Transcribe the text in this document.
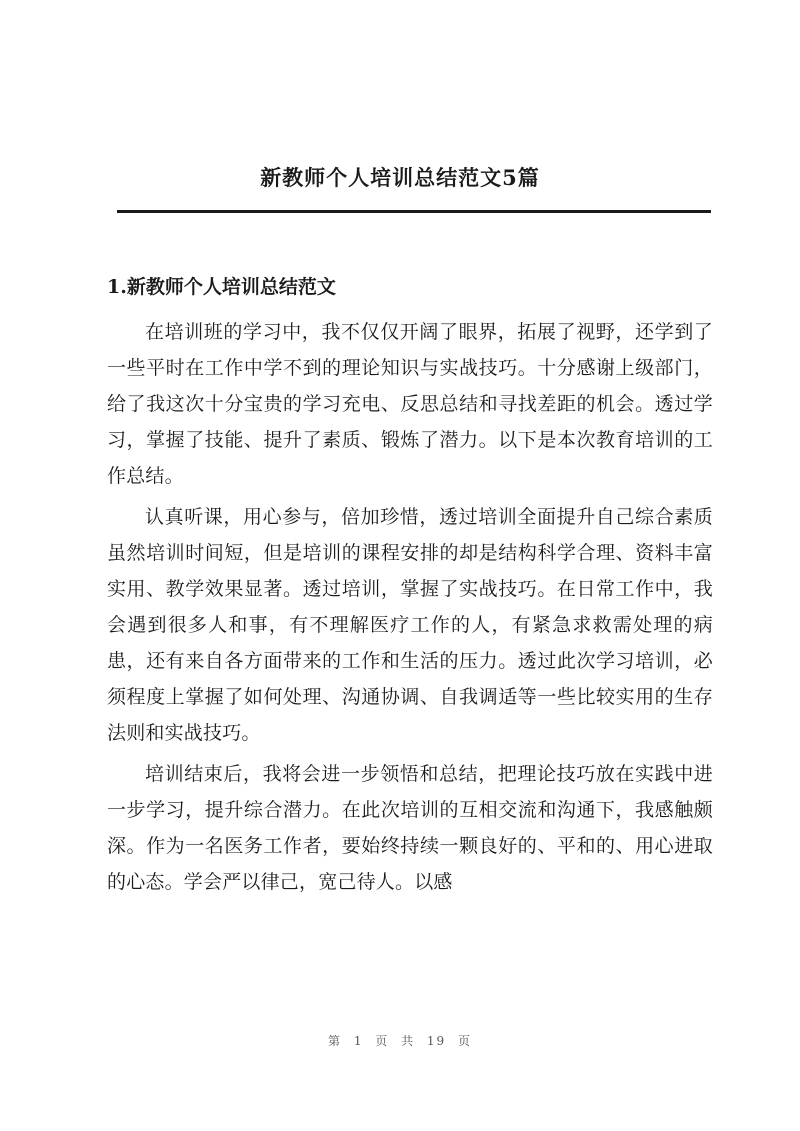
新教师个人培训总结范文5篇
1.新教师个人培训总结范文

在培训班的学习中，我不仅仅开阔了眼界，拓展了视野，还学到了一些平时在工作中学不到的理论知识与实战技巧。十分感谢上级部门，给了我这次十分宝贵的学习充电、反思总结和寻找差距的机会。透过学习，掌握了技能、提升了素质、锻炼了潜力。以下是本次教育培训的工作总结。

认真听课，用心参与，倍加珍惜，透过培训全面提升自己综合素质虽然培训时间短，但是培训的课程安排的却是结构科学合理、资料丰富实用、教学效果显著。透过培训，掌握了实战技巧。在日常工作中，我会遇到很多人和事，有不理解医疗工作的人，有紧急求救需处理的病患，还有来自各方面带来的工作和生活的压力。透过此次学习培训，必须程度上掌握了如何处理、沟通协调、自我调适等一些比较实用的生存法则和实战技巧。

培训结束后，我将会进一步领悟和总结，把理论技巧放在实践中进一步学习，提升综合潜力。在此次培训的互相交流和沟通下，我感触颇深。作为一名医务工作者，要始终持续一颗良好的、平和的、用心进取的心态。学会严以律己，宽己待人。以感

第 1 页 共 19 页
